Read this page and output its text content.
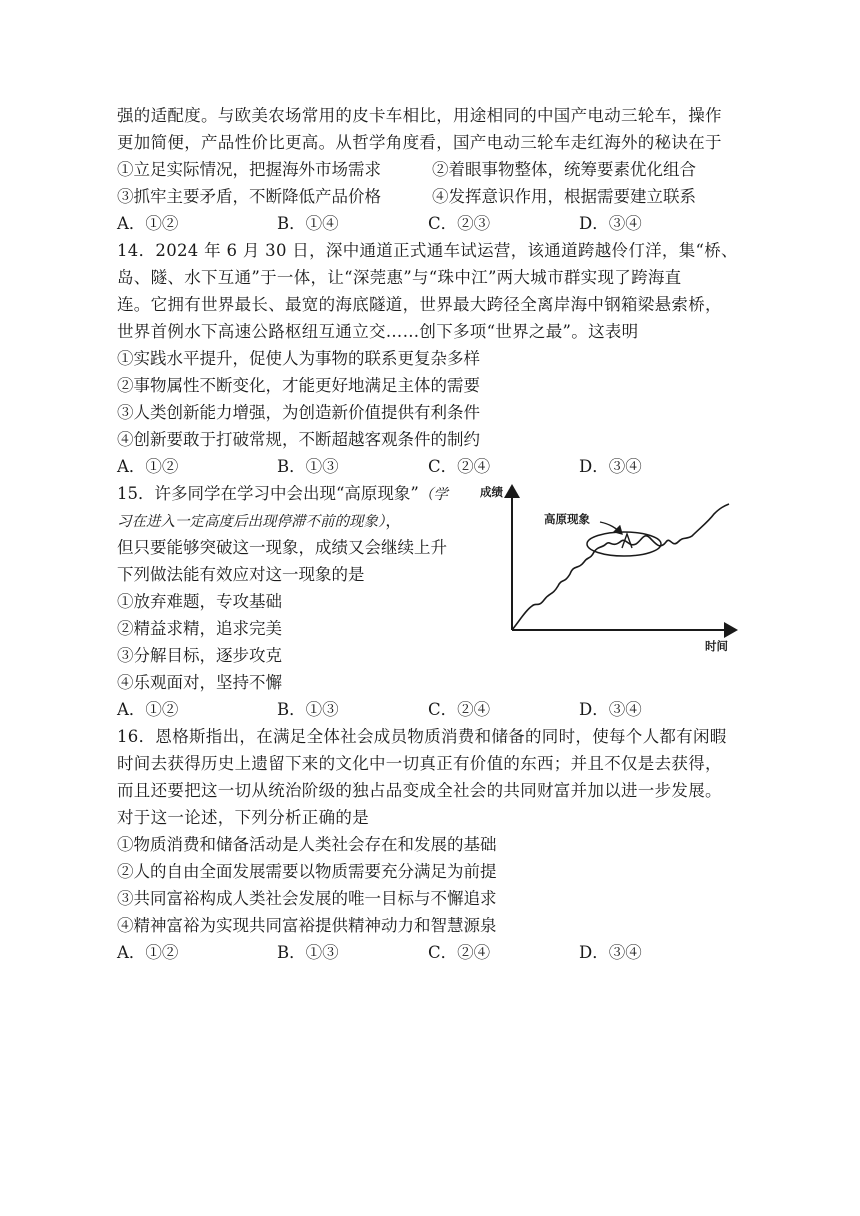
强的适配度。与欧美农场常用的皮卡车相比，用途相同的中国产电动三轮车，操作
更加简便，产品性价比更高。从哲学角度看，国产电动三轮车走红海外的秘诀在于
①立足实际情况，把握海外市场需求	②着眼事物整体，统筹要素优化组合
③抓牢主要矛盾，不断降低产品价格	④发挥意识作用，根据需要建立联系
A．①②	B．①④	C．②③	D．③④
14．2024 年 6 月 30 日，深中通道正式通车试运营，该通道跨越伶仃洋，集“桥、
岛、隧、水下互通”于一体，让“深莞惠”与“珠中江”两大城市群实现了跨海直
连。它拥有世界最长、最宽的海底隧道，世界最大跨径全离岸海中钢箱梁悬索桥，
世界首例水下高速公路枢纽互通立交……创下多项“世界之最”。这表明
①实践水平提升，促使人为事物的联系更复杂多样
②事物属性不断变化，才能更好地满足主体的需要
③人类创新能力增强，为创造新价值提供有利条件
④创新要敢于打破常规，不断超越客观条件的制约
A．①②	B．①③	C．②④	D．③④
15．许多同学在学习中会出现“高原现象”（学
习在进入一定高度后出现停滞不前的现象），
但只要能够突破这一现象，成绩又会继续上升
下列做法能有效应对这一现象的是
①放弃难题，专攻基础
②精益求精，追求完美
③分解目标，逐步攻克
④乐观面对，坚持不懈
A．①②	B．①③	C．②④	D．③④
成绩
时间
高原现象
16．恩格斯指出，在满足全体社会成员物质消费和储备的同时，使每个人都有闲暇
时间去获得历史上遗留下来的文化中一切真正有价值的东西；并且不仅是去获得，
而且还要把这一切从统治阶级的独占品变成全社会的共同财富并加以进一步发展。
对于这一论述，下列分析正确的是
①物质消费和储备活动是人类社会存在和发展的基础
②人的自由全面发展需要以物质需要充分满足为前提
③共同富裕构成人类社会发展的唯一目标与不懈追求
④精神富裕为实现共同富裕提供精神动力和智慧源泉
A．①②	B．①③	C．②④	D．③④
